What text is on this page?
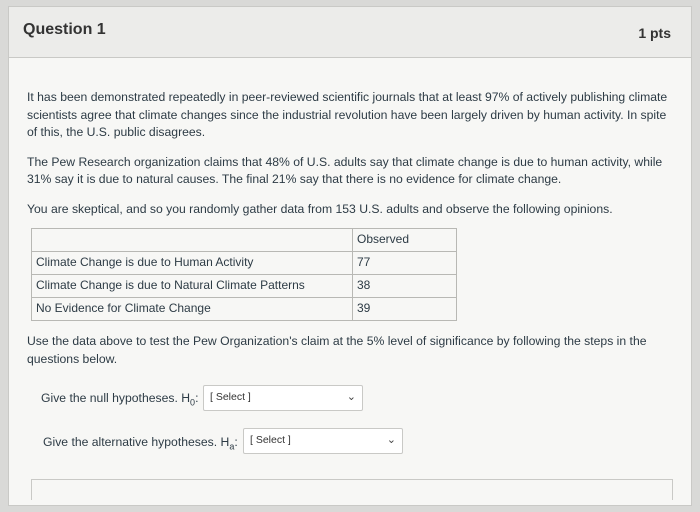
Question 1	1 pts

It has been demonstrated repeatedly in peer-reviewed scientific journals that at least 97% of actively publishing climate scientists agree that climate changes since the industrial revolution have been largely driven by human activity. In spite of this, the U.S. public disagrees.

The Pew Research organization claims that 48% of U.S. adults say that climate change is due to human activity, while 31% say it is due to natural causes. The final 21% say that there is no evidence for climate change.

You are skeptical, and so you randomly gather data from 153 U.S. adults and observe the following opinions.

	Observed
Climate Change is due to Human Activity	77
Climate Change is due to Natural Climate Patterns	38
No Evidence for Climate Change	39

Use the data above to test the Pew Organization's claim at the 5% level of significance by following the steps in the questions below.

Give the null hypotheses. $H_0$: [ Select ]	⌄
Give the alternative hypotheses. $H_a$: [ Select ]	⌄
